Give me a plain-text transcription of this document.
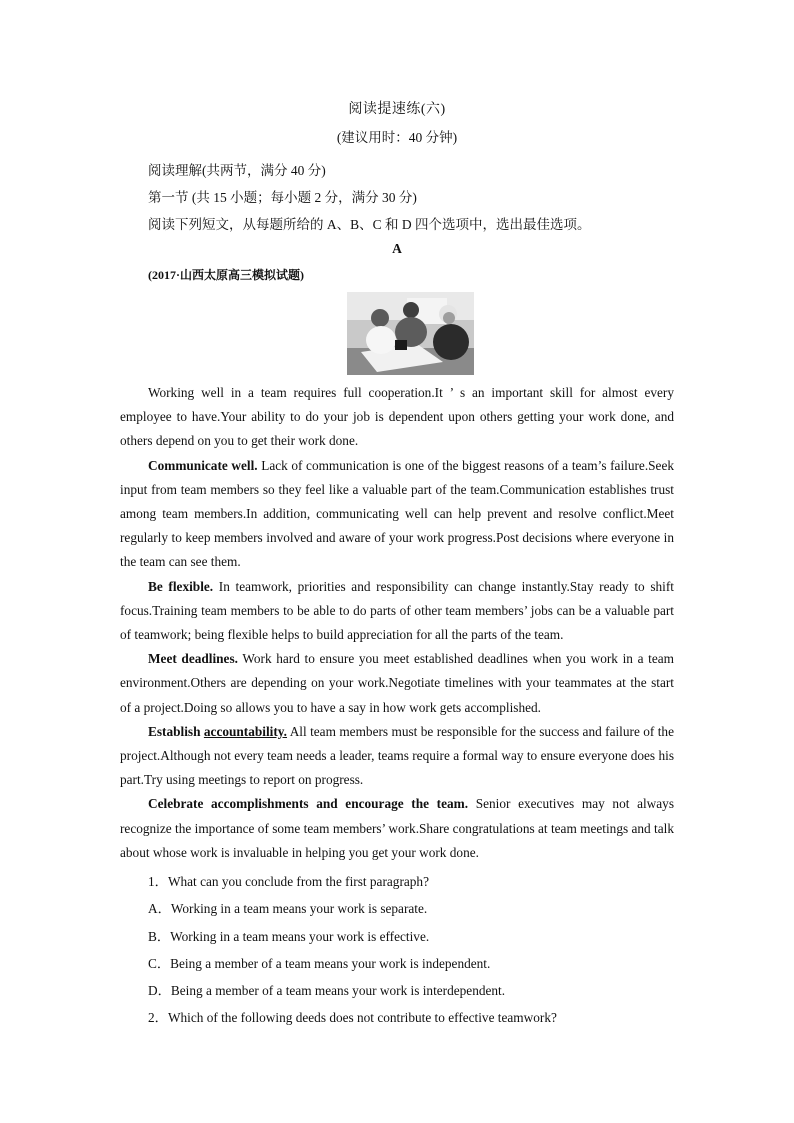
阅读提速练(六)
(建议用时：40 分钟)
阅读理解(共两节，满分 40 分)
第一节 (共 15 小题；每小题 2 分，满分 30 分)
阅读下列短文，从每题所给的 A、B、C 和 D 四个选项中，选出最佳选项。
A
(2017·山西太原高三模拟试题)

Working well in a team requires full cooperation.It ’ s an important skill for almost every employee to have.Your ability to do your job is dependent upon others getting your work done, and others depend on you to get their work done.

Communicate well. Lack of communication is one of the biggest reasons of a team’s failure.Seek input from team members so they feel like a valuable part of the team.Communication establishes trust among team members.In addition, communicating well can help prevent and resolve conflict.Meet regularly to keep members involved and aware of your work progress.Post decisions where everyone in the team can see them.

Be flexible. In teamwork, priorities and responsibility can change instantly.Stay ready to shift focus.Training team members to be able to do parts of other team members’ jobs can be a valuable part of teamwork; being flexible helps to build appreciation for all the parts of the team.

Meet deadlines. Work hard to ensure you meet established deadlines when you work in a team environment.Others are depending on your work.Negotiate timelines with your teammates at the start of a project.Doing so allows you to have a say in how work gets accomplished.

Establish accountability. All team members must be responsible for the success and failure of the project.Although not every team needs a leader, teams require a formal way to ensure everyone does his part.Try using meetings to report on progress.

Celebrate accomplishments and encourage the team. Senior executives may not always recognize the importance of some team members’ work.Share congratulations at team meetings and talk about whose work is invaluable in helping you get your work done.

1．What can you conclude from the first paragraph?
A．Working in a team means your work is separate.
B．Working in a team means your work is effective.
C．Being a member of a team means your work is independent.
D．Being a member of a team means your work is interdependent.
2．Which of the following deeds does not contribute to effective teamwork?
